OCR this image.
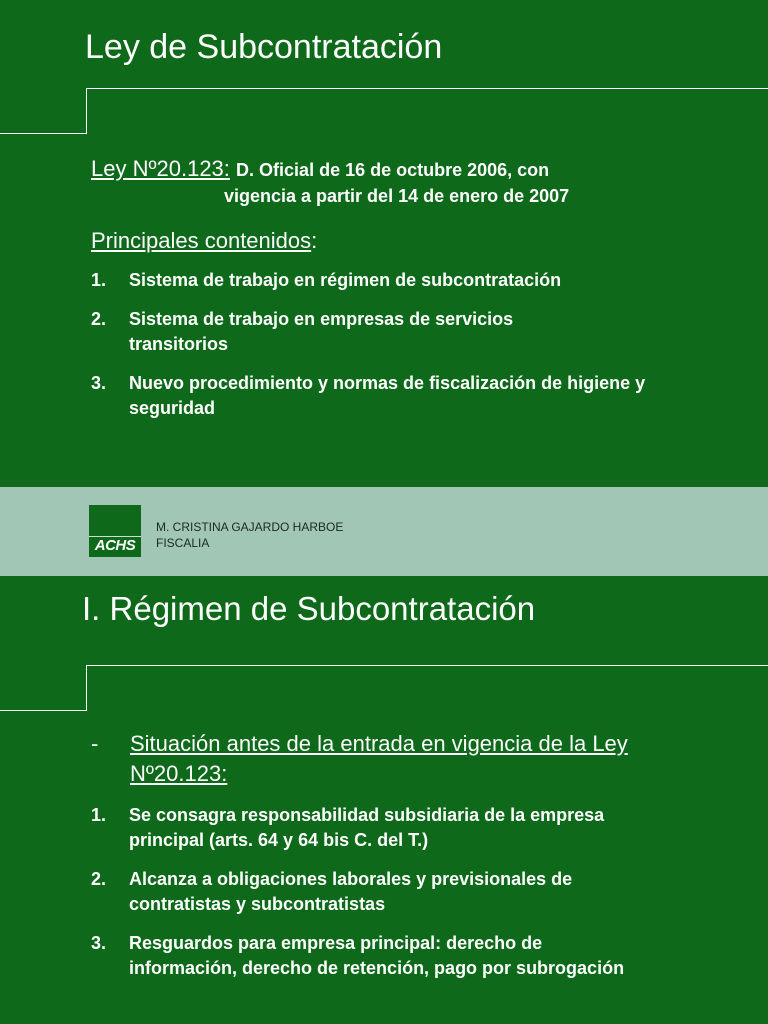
Ley de Subcontratación
Ley Nº20.123: D. Oficial de 16 de octubre 2006, con
vigencia a partir del 14 de enero de 2007
Principales contenidos:
1. Sistema de trabajo en régimen de subcontratación
2. Sistema de trabajo en empresas de servicios transitorios
3. Nuevo procedimiento y normas de fiscalización de higiene y seguridad
ACHS
M. CRISTINA GAJARDO HARBOE
FISCALIA
I. Régimen de Subcontratación
- Situación antes de la entrada en vigencia de la Ley Nº20.123:
1. Se consagra responsabilidad subsidiaria de la empresa principal (arts. 64 y 64 bis C. del T.)
2. Alcanza a obligaciones laborales y previsionales de contratistas y subcontratistas
3. Resguardos para empresa principal: derecho de información, derecho de retención, pago por subrogación
